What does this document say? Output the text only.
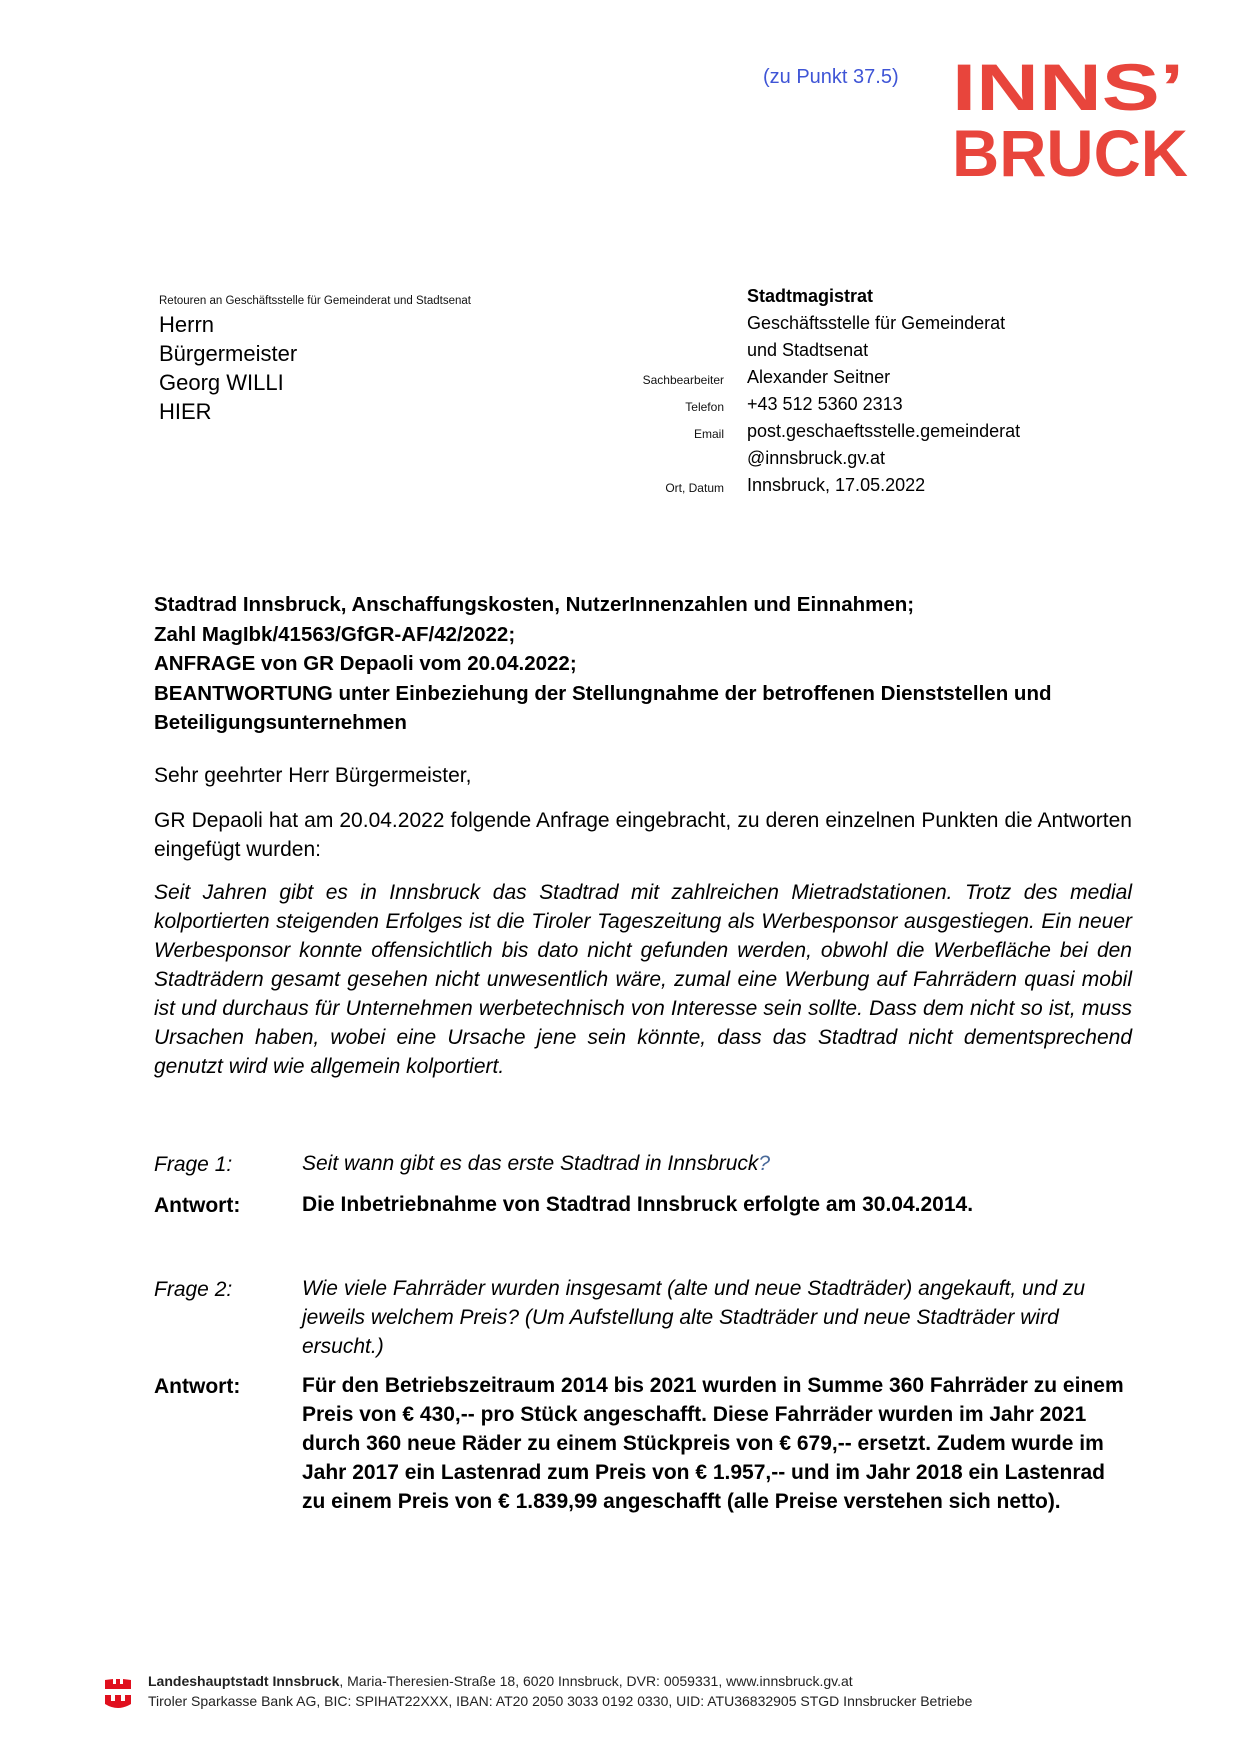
(zu Punkt 37.5) INNS’
BRUCK
Retouren an Geschäftsstelle für Gemeinderat und Stadtsenat
Herrn
Bürgermeister
Georg WILLI
HIER
Stadtmagistrat
Geschäftsstelle für Gemeinderat
und Stadtsenat
Sachbearbeiter Alexander Seitner
Telefon +43 512 5360 2313
Email post.geschaeftsstelle.gemeinderat
@innsbruck.gv.at
Ort, Datum Innsbruck, 17.05.2022
Stadtrad Innsbruck, Anschaffungskosten, NutzerInnenzahlen und Einnahmen;
Zahl MagIbk/41563/GfGR-AF/42/2022;
ANFRAGE von GR Depaoli vom 20.04.2022;
BEANTWORTUNG unter Einbeziehung der Stellungnahme der betroffenen Dienststellen und Beteiligungsunternehmen
Sehr geehrter Herr Bürgermeister,
GR Depaoli hat am 20.04.2022 folgende Anfrage eingebracht, zu deren einzelnen Punkten die Antworten eingefügt wurden:
Seit Jahren gibt es in Innsbruck das Stadtrad mit zahlreichen Mietradstationen. Trotz des medial kolportierten steigenden Erfolges ist die Tiroler Tageszeitung als Werbesponsor ausgestiegen. Ein neuer Werbesponsor konnte offensichtlich bis dato nicht gefunden werden, obwohl die Werbefläche bei den Stadträdern gesamt gesehen nicht unwesentlich wäre, zumal eine Werbung auf Fahrrädern quasi mobil ist und durchaus für Unternehmen werbetechnisch von Interesse sein sollte. Dass dem nicht so ist, muss Ursachen haben, wobei eine Ursache jene sein könnte, dass das Stadtrad nicht dementsprechend genutzt wird wie allgemein kolportiert.
Frage 1:	Seit wann gibt es das erste Stadtrad in Innsbruck?
Antwort:	Die Inbetriebnahme von Stadtrad Innsbruck erfolgte am 30.04.2014.
Frage 2:	Wie viele Fahrräder wurden insgesamt (alte und neue Stadträder) angekauft, und zu jeweils welchem Preis? (Um Aufstellung alte Stadträder und neue Stadträder wird ersucht.)
Antwort:	Für den Betriebszeitraum 2014 bis 2021 wurden in Summe 360 Fahrräder zu einem Preis von € 430,-- pro Stück angeschafft. Diese Fahrräder wurden im Jahr 2021 durch 360 neue Räder zu einem Stückpreis von € 679,-- ersetzt. Zudem wurde im Jahr 2017 ein Lastenrad zum Preis von € 1.957,-- und im Jahr 2018 ein Lastenrad zu einem Preis von € 1.839,99 angeschafft (alle Preise verstehen sich netto).
Landeshauptstadt Innsbruck, Maria-Theresien-Straße 18, 6020 Innsbruck, DVR: 0059331, www.innsbruck.gv.at
Tiroler Sparkasse Bank AG, BIC: SPIHAT22XXX, IBAN: AT20 2050 3033 0192 0330, UID: ATU36832905 STGD Innsbrucker Betriebe
